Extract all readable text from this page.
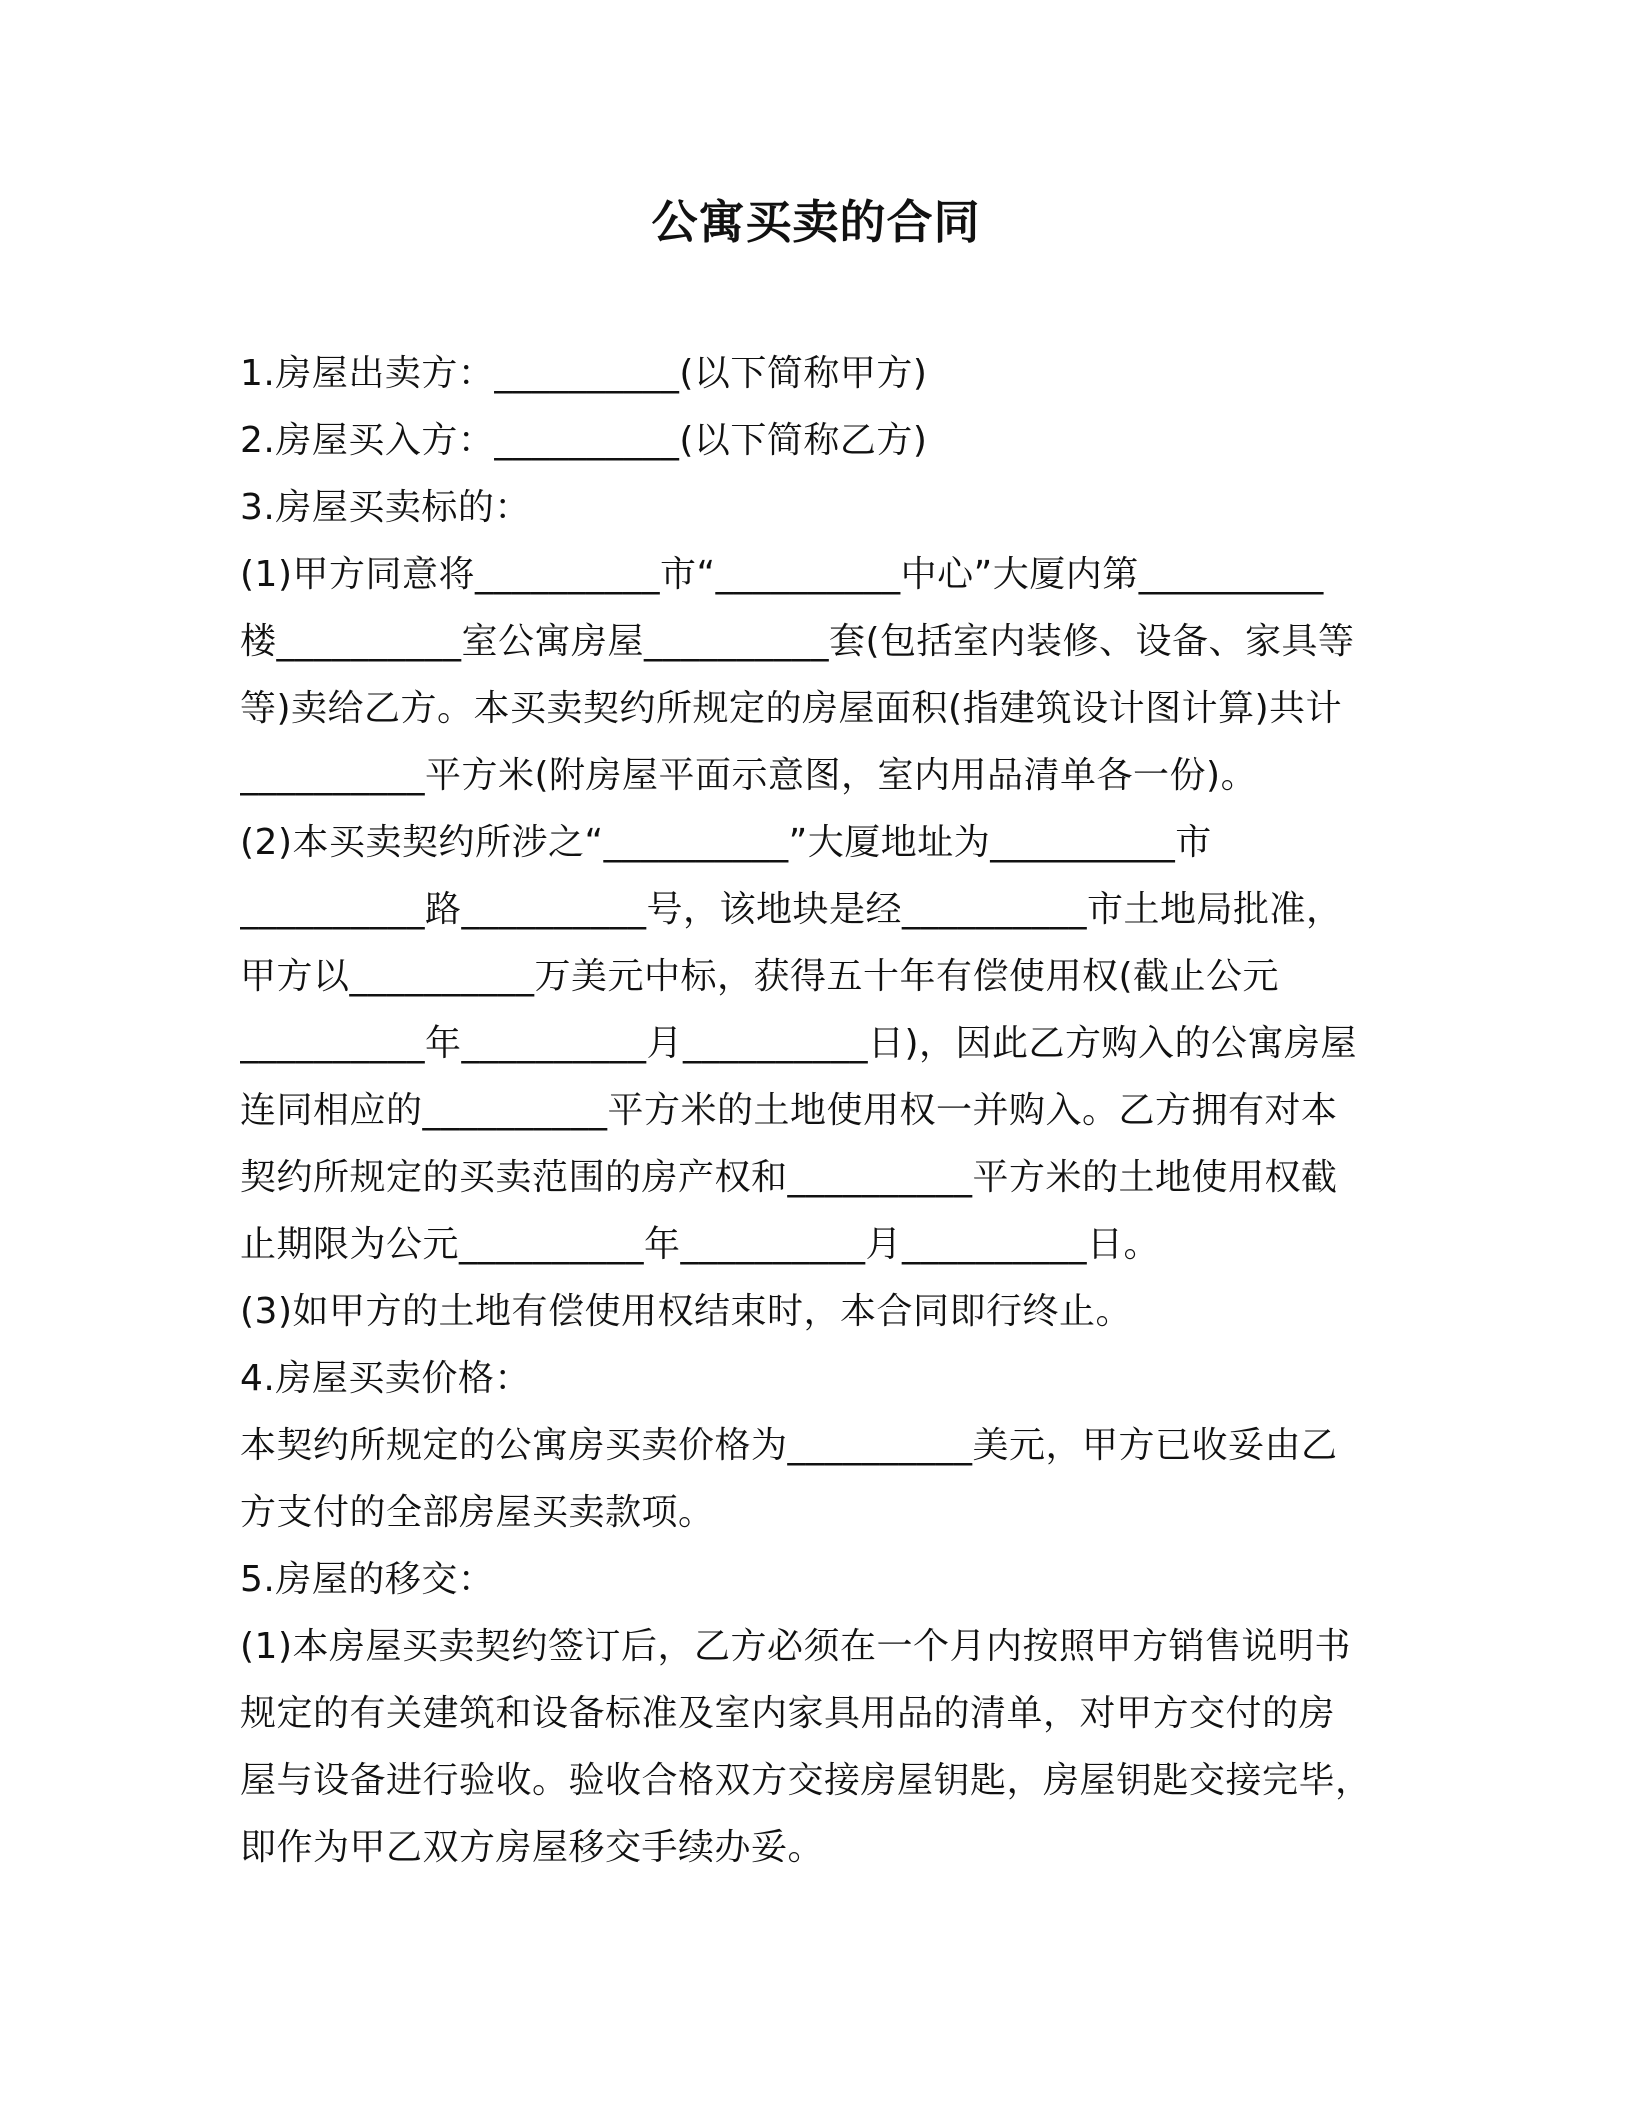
公寓买卖的合同
1.房屋出卖方：__________(以下简称甲方)
2.房屋买入方：__________(以下简称乙方)
3.房屋买卖标的：
(1)甲方同意将__________市“__________中心”大厦内第__________
楼__________室公寓房屋__________套(包括室内装修、设备、家具等
等)卖给乙方。本买卖契约所规定的房屋面积(指建筑设计图计算)共计
__________平方米(附房屋平面示意图，室内用品清单各一份)。
(2)本买卖契约所涉之“__________”大厦地址为__________市
__________路__________号，该地块是经__________市土地局批准，
甲方以__________万美元中标，获得五十年有偿使用权(截止公元
__________年__________月__________日)，因此乙方购入的公寓房屋
连同相应的__________平方米的土地使用权一并购入。乙方拥有对本
契约所规定的买卖范围的房产权和__________平方米的土地使用权截
止期限为公元__________年__________月__________日。
(3)如甲方的土地有偿使用权结束时，本合同即行终止。
4.房屋买卖价格：
本契约所规定的公寓房买卖价格为__________美元，甲方已收妥由乙
方支付的全部房屋买卖款项。
5.房屋的移交：
(1)本房屋买卖契约签订后，乙方必须在一个月内按照甲方销售说明书
规定的有关建筑和设备标准及室内家具用品的清单，对甲方交付的房
屋与设备进行验收。验收合格双方交接房屋钥匙，房屋钥匙交接完毕，
即作为甲乙双方房屋移交手续办妥。
